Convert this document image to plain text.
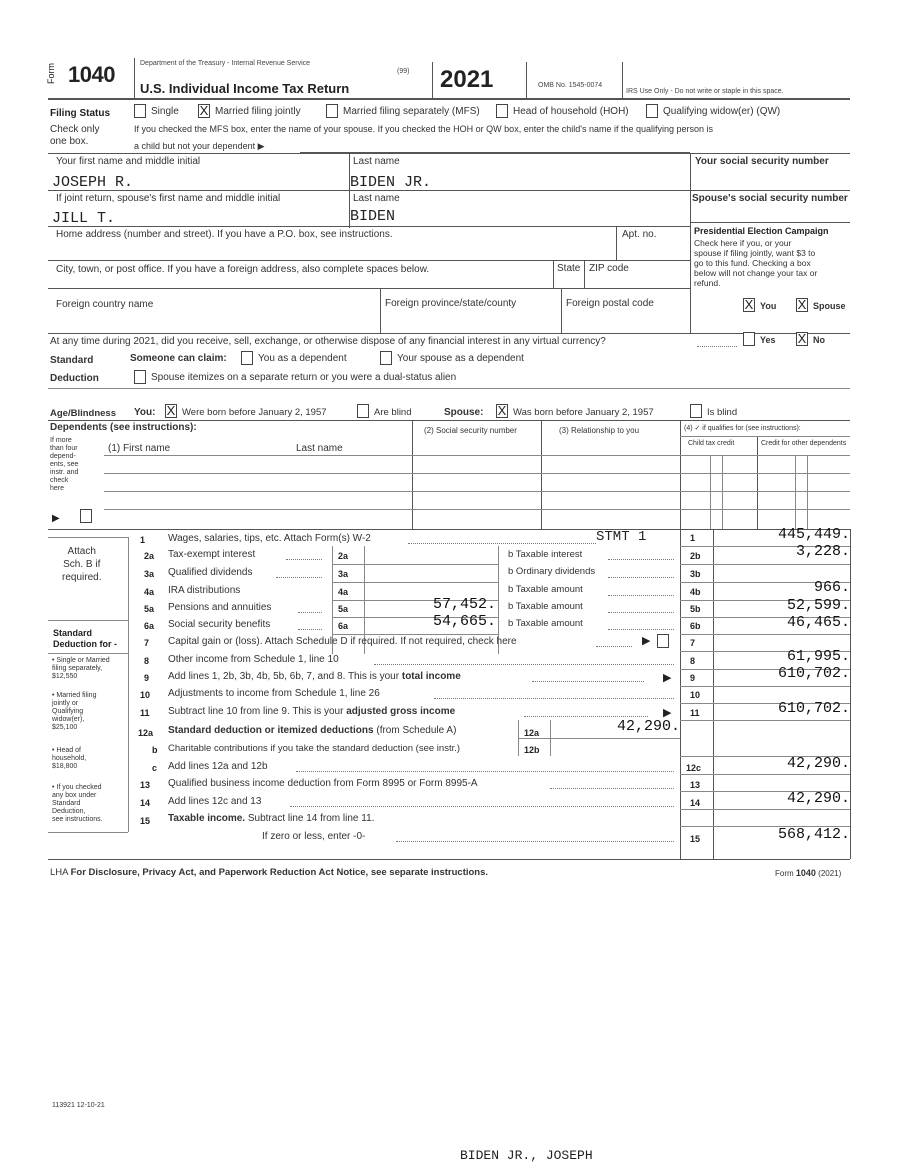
Form 1040	Department of the Treasury - Internal Revenue Service
(99)
U.S. Individual Income Tax Return	2021	OMB No. 1545-0074
IRS Use Only - Do not write or staple in this space.
Filing Status
Check only
one box.
Single X Married filing jointly	Married filing separately (MFS)	Head of household (HOH)	Qualifying widow(er) (QW)
If you checked the MFS box, enter the name of your spouse. If you checked the HOH or QW box, enter the child's name if the qualifying person is
a child but not your dependent ▶
Your first name and middle initial	Last name	Your social security number
JOSEPH R.	BIDEN JR.
If joint return, spouse's first name and middle initial	Last name	Spouse's social security number
JILL T.	BIDEN
Home address (number and street). If you have a P.O. box, see instructions.	Apt. no.
City, town, or post office. If you have a foreign address, also complete spaces below.	State ZIP code
Foreign country name	Foreign province/state/county	Foreign postal code
Presidential Election Campaign
Check here if you, or your
spouse if filing jointly, want $3 to
go to this fund. Checking a box
below will not change your tax or
refund.
X You X Spouse
At any time during 2021, did you receive, sell, exchange, or otherwise dispose of any financial interest in any virtual currency?	Yes X No
Standard
Deduction
Someone can claim:	You as a dependent	Your spouse as a dependent
Spouse itemizes on a separate return or you were a dual-status alien
Age/Blindness You: X Were born before January 2, 1957	Are blind	Spouse: X Was born before January 2, 1957	Is blind
Dependents (see instructions):
If more
than four
depend-
ents, see
instr. and
check
here
▶
(1) First name	Last name
(2) Social security number	(3) Relationship to you	(4) ✓ if qualifies for (see instructions):
Child tax credit	Credit for other dependents
Attach
Sch. B if
required.
Standard
Deduction for -
• Single or Married
filing separately,
$12,550
• Married filing
jointly or
Qualifying
widow(er),
$25,100
• Head of
household,
$18,800
• If you checked
any box under
Standard
Deduction,
see instructions.
1 Wages, salaries, tips, etc. Attach Form(s) W-2	STMT 1	1	445,449.
2a Tax-exempt interest	2a	b Taxable interest	2b	3,228.
3a Qualified dividends	3a	b Ordinary dividends	3b
4a IRA distributions	4a	b Taxable amount	4b	966.
5a Pensions and annuities	5a	57,452. b Taxable amount	5b	52,599.
6a Social security benefits	6a	54,665. b Taxable amount	6b	46,465.
7 Capital gain or (loss). Attach Schedule D if required. If not required, check here	▶	7
8 Other income from Schedule 1, line 10	8	61,995.
9 Add lines 1, 2b, 3b, 4b, 5b, 6b, 7, and 8. This is your total income	▶ 9	610,702.
10 Adjustments to income from Schedule 1, line 26	10
11 Subtract line 10 from line 9. This is your adjusted gross income	▶ 11	610,702.
12a Standard deduction or itemized deductions (from Schedule A)	12a	42,290.
b Charitable contributions if you take the standard deduction (see instr.)	12b
c Add lines 12a and 12b	12c	42,290.
13 Qualified business income deduction from Form 8995 or Form 8995-A	13
14 Add lines 12c and 13	14	42,290.
15 Taxable income. Subtract line 14 from line 11.
If zero or less, enter -0-	15	568,412.
LHA For Disclosure, Privacy Act, and Paperwork Reduction Act Notice, see separate instructions.	Form 1040 (2021)
113921 12-10-21
BIDEN JR., JOSEPH
